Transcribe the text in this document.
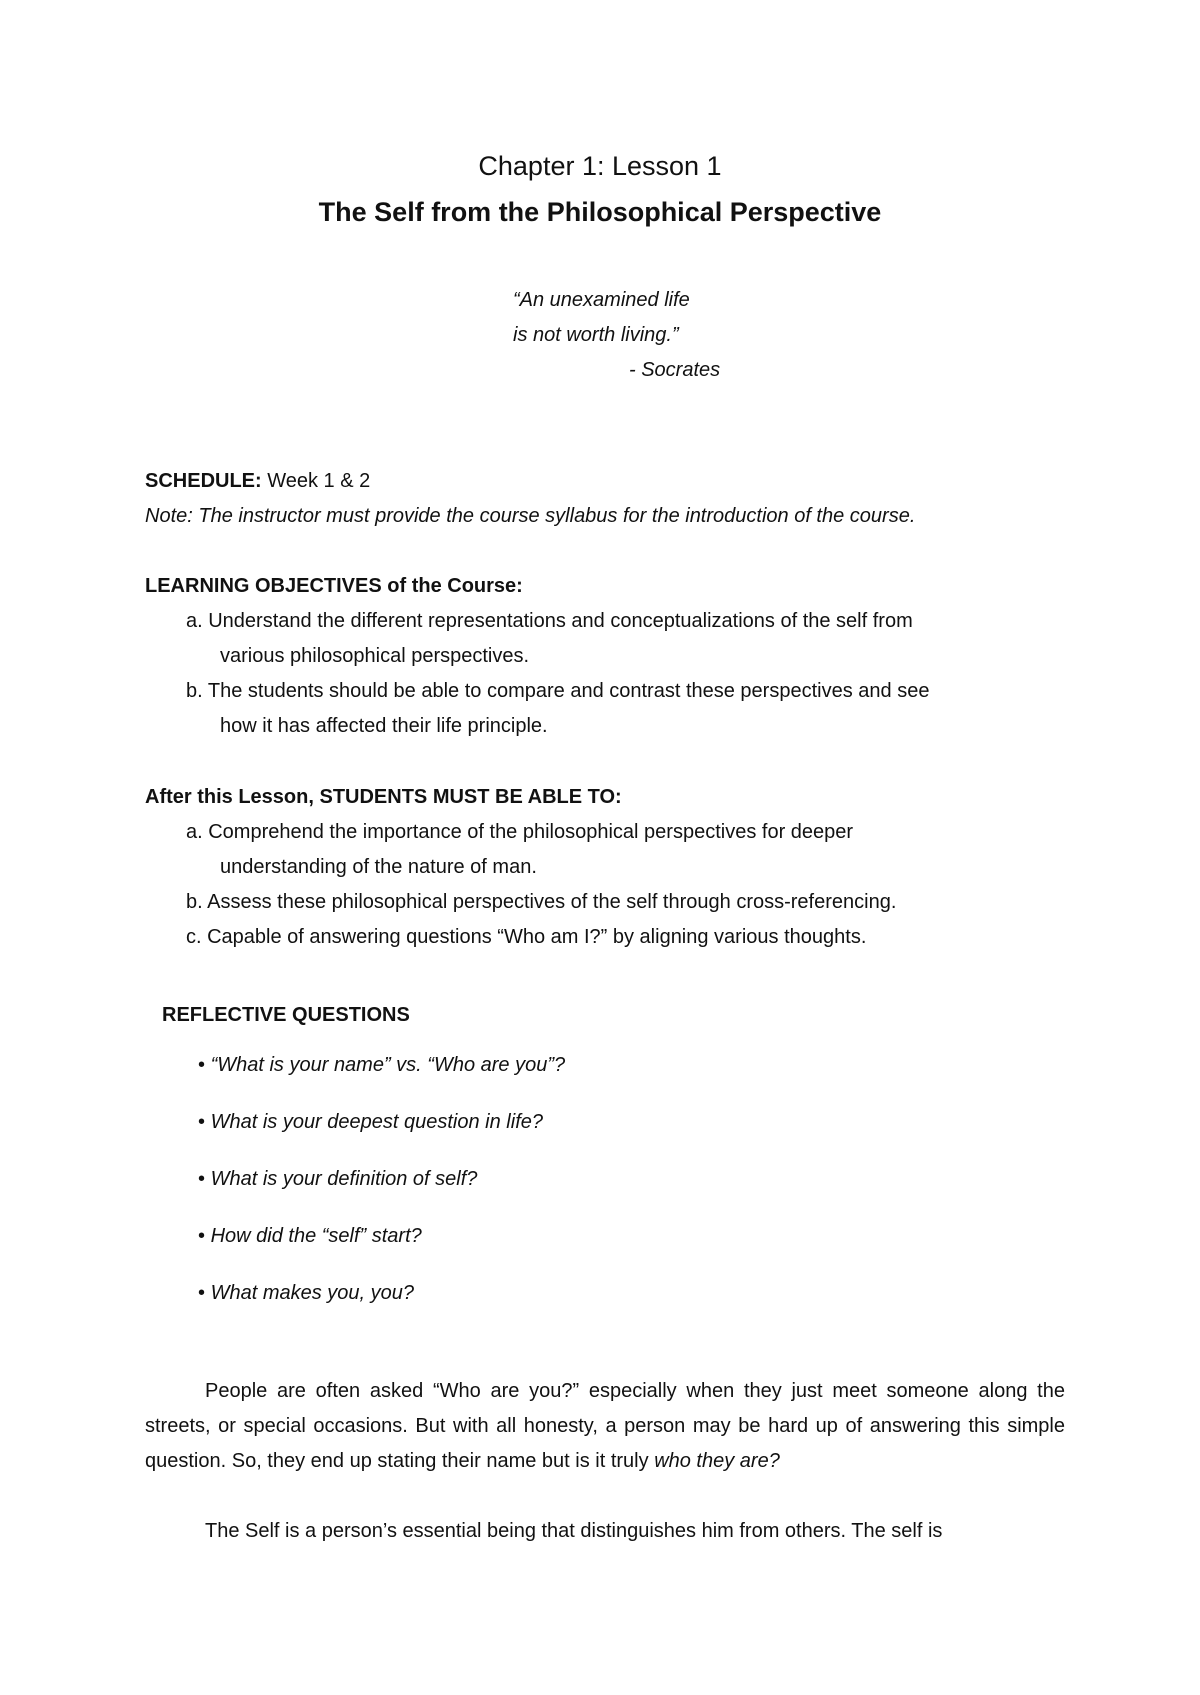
Chapter 1: Lesson 1
The Self from the Philosophical Perspective
“An unexamined life
is not worth living.”
- Socrates
SCHEDULE: Week 1 & 2
Note: The instructor must provide the course syllabus for the introduction of the course.
LEARNING OBJECTIVES of the Course:
a. Understand the different representations and conceptualizations of the self from
various philosophical perspectives.
b. The students should be able to compare and contrast these perspectives and see
how it has affected their life principle.
After this Lesson, STUDENTS MUST BE ABLE TO:
a. Comprehend the importance of the philosophical perspectives for deeper
understanding of the nature of man.
b. Assess these philosophical perspectives of the self through cross-referencing.
c. Capable of answering questions “Who am I?” by aligning various thoughts.
REFLECTIVE QUESTIONS
• “What is your name” vs. “Who are you”?
• What is your deepest question in life?
• What is your definition of self?
• How did the “self” start?
• What makes you, you?
People are often asked “Who are you?” especially when they just meet someone along the streets, or special occasions. But with all honesty, a person may be hard up of answering this simple question. So, they end up stating their name but is it truly who they are?
The Self is a person’s essential being that distinguishes him from others. The self is
